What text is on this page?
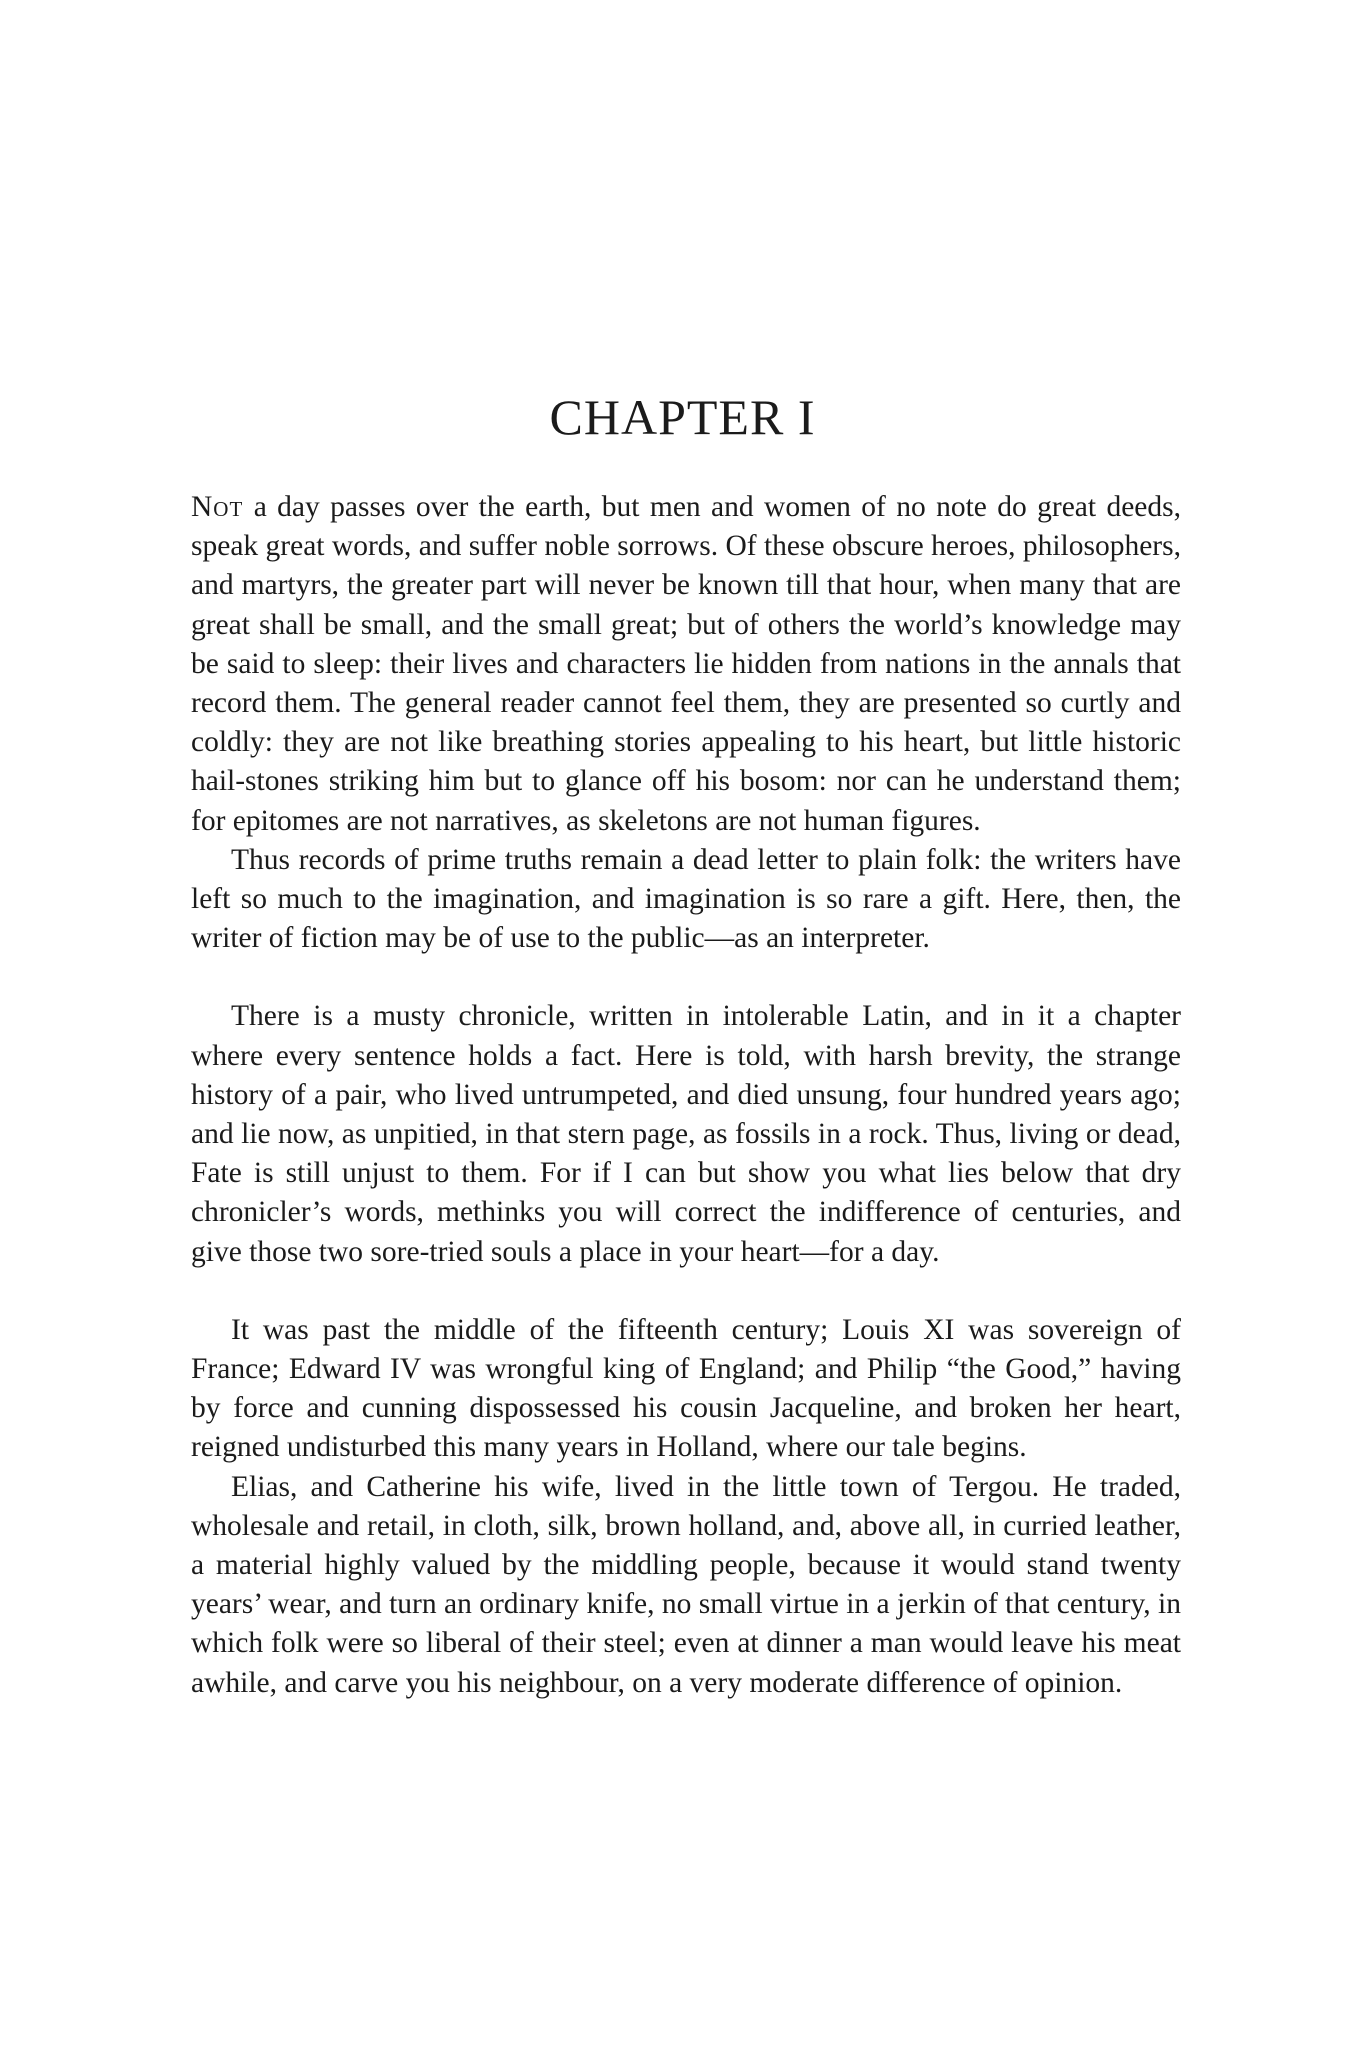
CHAPTER I

Not a day passes over the earth, but men and women of no note do great deeds, speak great words, and suffer noble sorrows. Of these obscure heroes, philosophers, and martyrs, the greater part will never be known till that hour, when many that are great shall be small, and the small great; but of others the world’s knowledge may be said to sleep: their lives and characters lie hidden from nations in the annals that record them. The general reader cannot feel them, they are presented so curtly and coldly: they are not like breathing stories appealing to his heart, but little historic hail-stones striking him but to glance off his bosom: nor can he understand them; for epitomes are not narratives, as skeletons are not human figures.

Thus records of prime truths remain a dead letter to plain folk: the writers have left so much to the imagination, and imagination is so rare a gift. Here, then, the writer of fiction may be of use to the public—as an interpreter.

There is a musty chronicle, written in intolerable Latin, and in it a chapter where every sentence holds a fact. Here is told, with harsh brevity, the strange history of a pair, who lived untrumpeted, and died unsung, four hundred years ago; and lie now, as unpitied, in that stern page, as fossils in a rock. Thus, living or dead, Fate is still unjust to them. For if I can but show you what lies below that dry chronicler’s words, methinks you will correct the indifference of centuries, and give those two sore-tried souls a place in your heart—for a day.

It was past the middle of the fifteenth century; Louis XI was sovereign of France; Edward IV was wrongful king of England; and Philip “the Good,” having by force and cunning dispossessed his cousin Jacqueline, and broken her heart, reigned undisturbed this many years in Holland, where our tale begins.

Elias, and Catherine his wife, lived in the little town of Tergou. He traded, wholesale and retail, in cloth, silk, brown holland, and, above all, in curried leather, a material highly valued by the middling people, because it would stand twenty years’ wear, and turn an ordinary knife, no small virtue in a jerkin of that century, in which folk were so liberal of their steel; even at dinner a man would leave his meat awhile, and carve you his neighbour, on a very moderate difference of opinion.
